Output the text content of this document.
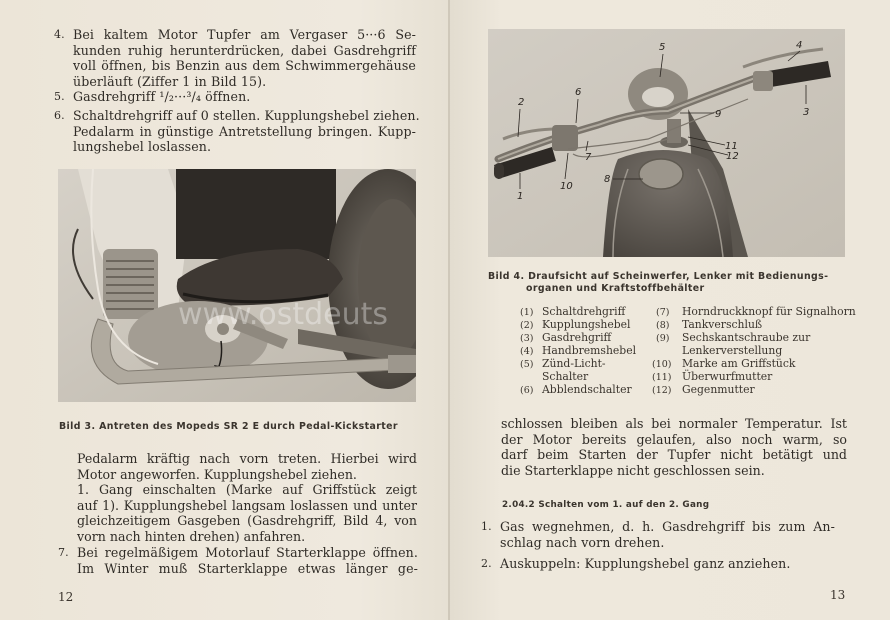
4. Bei kaltem Motor Tupfer am Vergaser 5···6 Se-
kunden ruhig herunterdrücken, dabei Gasdrehgriff
voll öffnen, bis Benzin aus dem Schwimmergehäuse
überläuft (Ziffer 1 in Bild 15).
5. Gasdrehgriff ¹/₂···³/₄ öffnen.
6. Schaltdrehgriff auf 0 stellen. Kupplungshebel ziehen.
Pedalarm in günstige Antretstellung bringen. Kupp-
lungshebel loslassen.
www.ostdeuts
Bild 3. Antreten des Mopeds SR 2 E durch Pedal-Kickstarter
Pedalarm kräftig nach vorn treten. Hierbei wird
Motor angeworfen. Kupplungshebel ziehen.
1. Gang einschalten (Marke auf Griffstück zeigt
auf 1). Kupplungshebel langsam loslassen und unter
gleichzeitigem Gasgeben (Gasdrehgriff, Bild 4, von
vorn nach hinten drehen) anfahren.
7. Bei regelmäßigem Motorlauf Starterklappe öffnen.
Im Winter muß Starterklappe etwas länger ge-
12
2
6
5	4
3
9
11
12
8
7
1
10
Bild 4. Draufsicht auf Scheinwerfer, Lenker mit Bedienungs-
organen und Kraftstoffbehälter
(1) Schaltdrehgriff
(2) Kupplungshebel
(3) Gasdrehgriff
(4) Handbremshebel
(5) Zünd-Licht-
Schalter
(6) Abblendschalter
(7) Horndruckknopf für Signalhorn
(8) Tankverschluß
(9) Sechskantschraube zur
Lenkerverstellung
(10) Marke am Griffstück
(11) Überwurfmutter
(12) Gegenmutter
schlossen bleiben als bei normaler Temperatur. Ist
der Motor bereits gelaufen, also noch warm, so
darf beim Starten der Tupfer nicht betätigt und
die Starterklappe nicht geschlossen sein.
2.04.2 Schalten vom 1. auf den 2. Gang
1. Gas wegnehmen, d. h. Gasdrehgriff bis zum An-
schlag nach vorn drehen.
2. Auskuppeln: Kupplungshebel ganz anziehen.
13
